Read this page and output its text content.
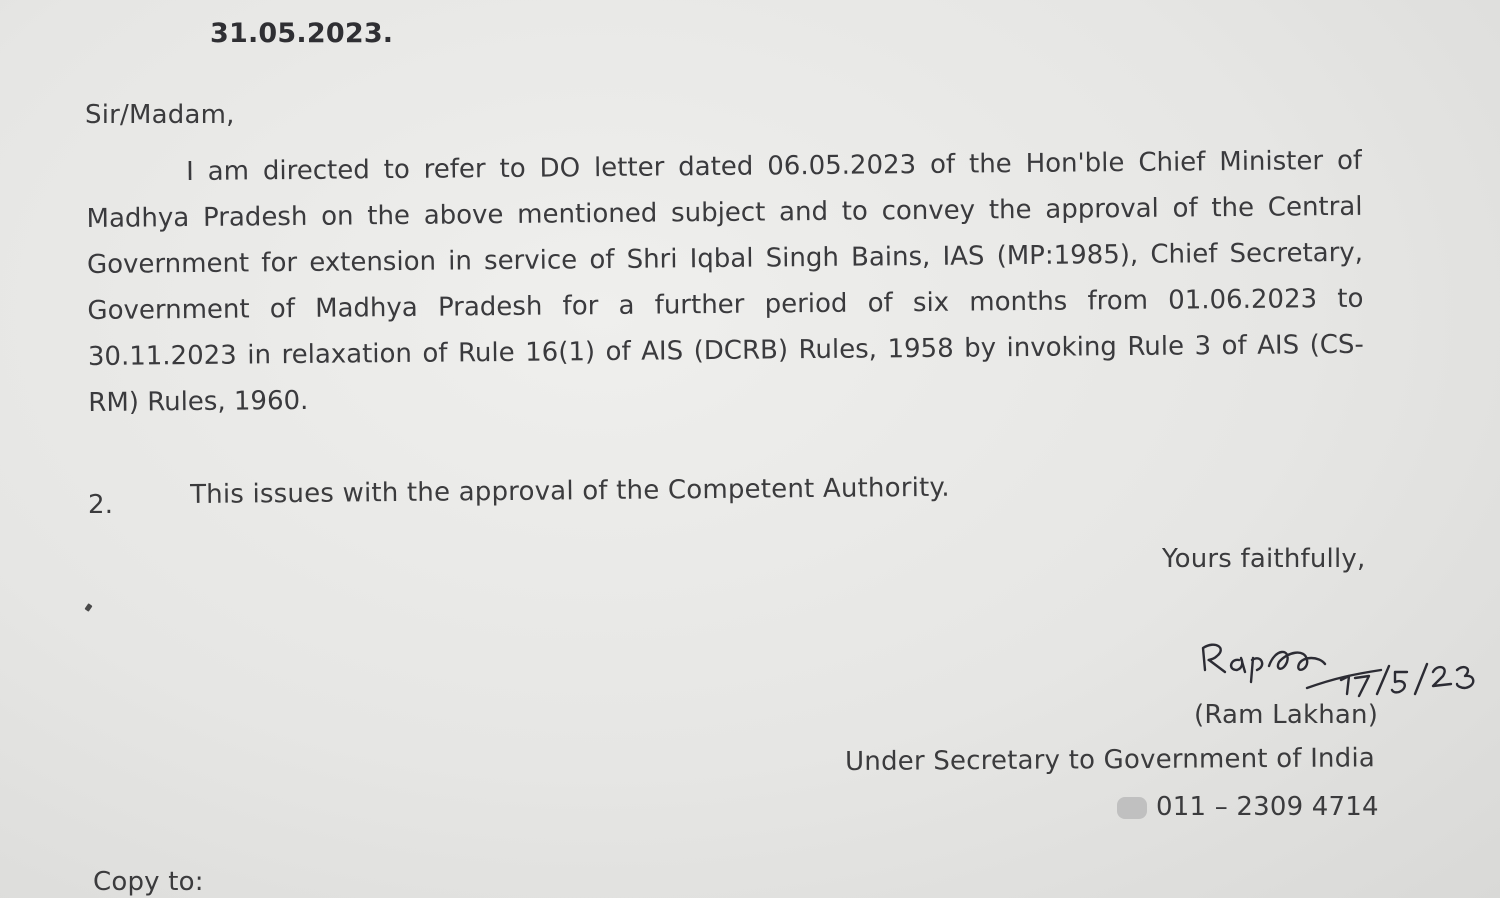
31.05.2023.
Sir/Madam,
I am directed to refer to DO letter dated 06.05.2023 of the Hon'ble Chief Minister of
Madhya Pradesh on the above mentioned subject and to convey the approval of the Central
Government for extension in service of Shri Iqbal Singh Bains, IAS (MP:1985), Chief Secretary,
Government of Madhya Pradesh for a further period of six months from 01.06.2023 to
30.11.2023 in relaxation of Rule 16(1) of AIS (DCRB) Rules, 1958 by invoking Rule 3 of AIS (CS-
RM) Rules, 1960.
2.	This issues with the approval of the Competent Authority.
Yours faithfully,
(Ram Lakhan)
Under Secretary to Government of India
011 – 2309 4714
Copy to:
